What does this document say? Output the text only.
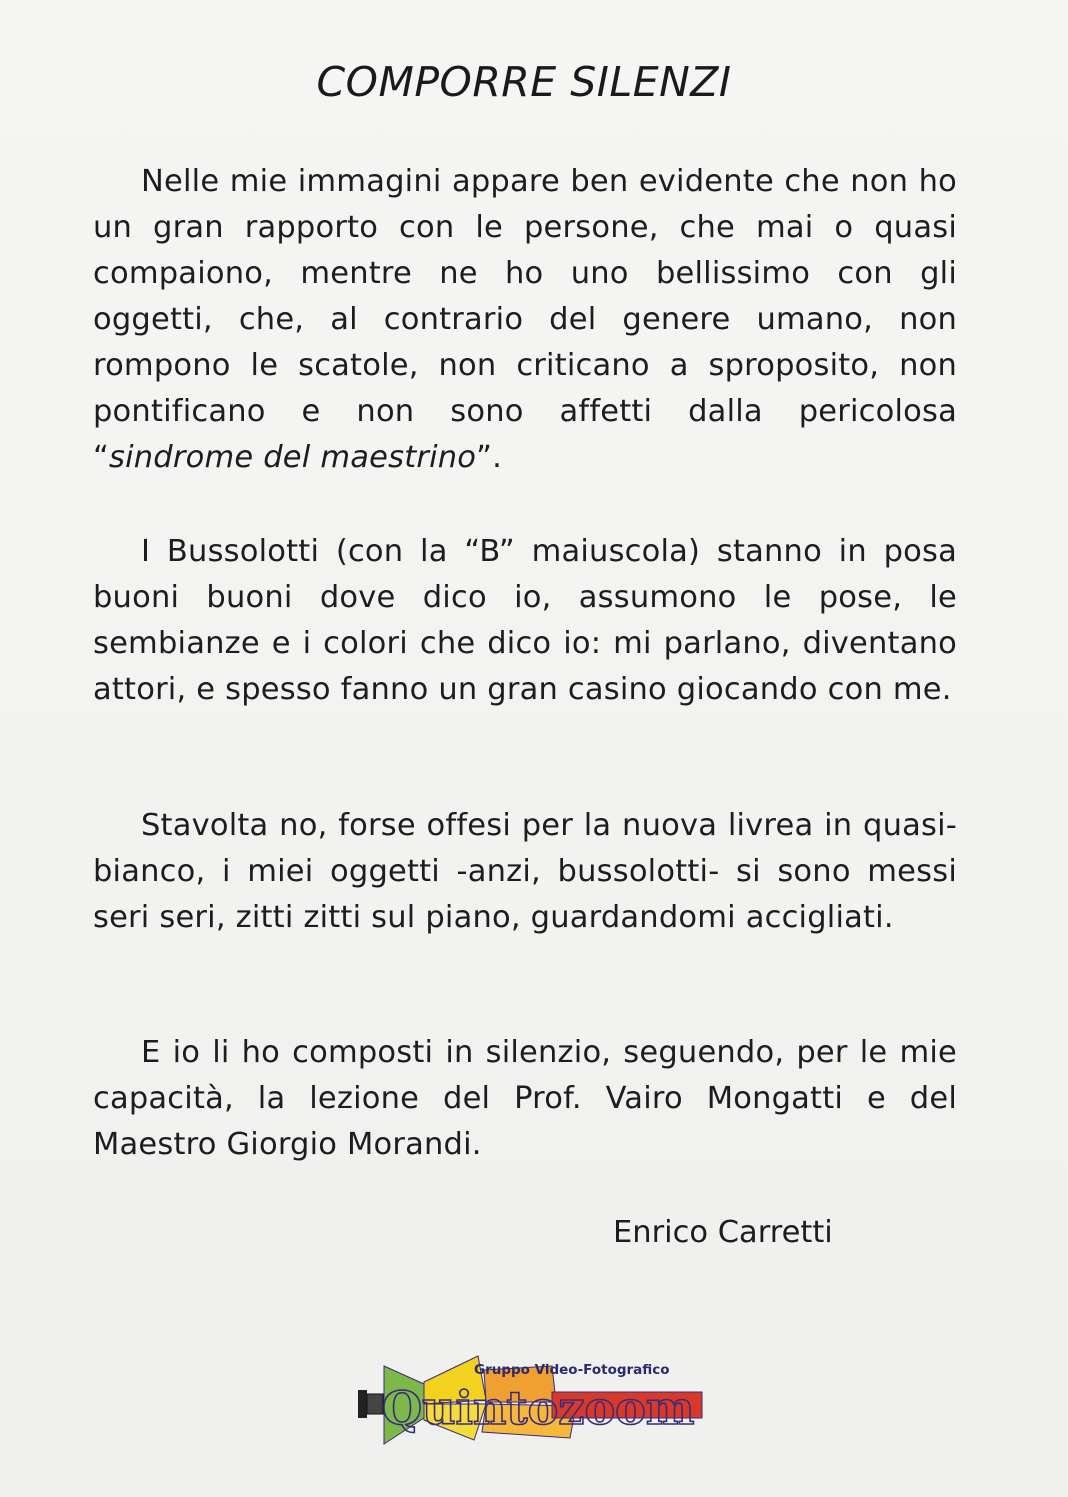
COMPORRE SILENZI

Nelle mie immagini appare ben evidente che non ho un gran rapporto con le persone, che mai o quasi compaiono, mentre ne ho uno bellissimo con gli oggetti, che, al contrario del genere umano, non rompono le scatole, non criticano a sproposito, non pontificano e non sono affetti dalla pericolosa “sindrome del maestrino”.

I Bussolotti (con la “B” maiuscola) stanno in posa buoni buoni dove dico io, assumono le pose, le sembianze e i colori che dico io: mi parlano, diventano attori, e spesso fanno un gran casino giocando con me.

Stavolta no, forse offesi per la nuova livrea in quasi-bianco, i miei oggetti -anzi, bussolotti- si sono messi seri seri, zitti zitti sul piano, guardandomi accigliati.

E io li ho composti in silenzio, seguendo, per le mie capacità, la lezione del Prof. Vairo Mongatti e del Maestro Giorgio Morandi.

Enrico Carretti

Gruppo Video-Fotografico
Quintozoom
